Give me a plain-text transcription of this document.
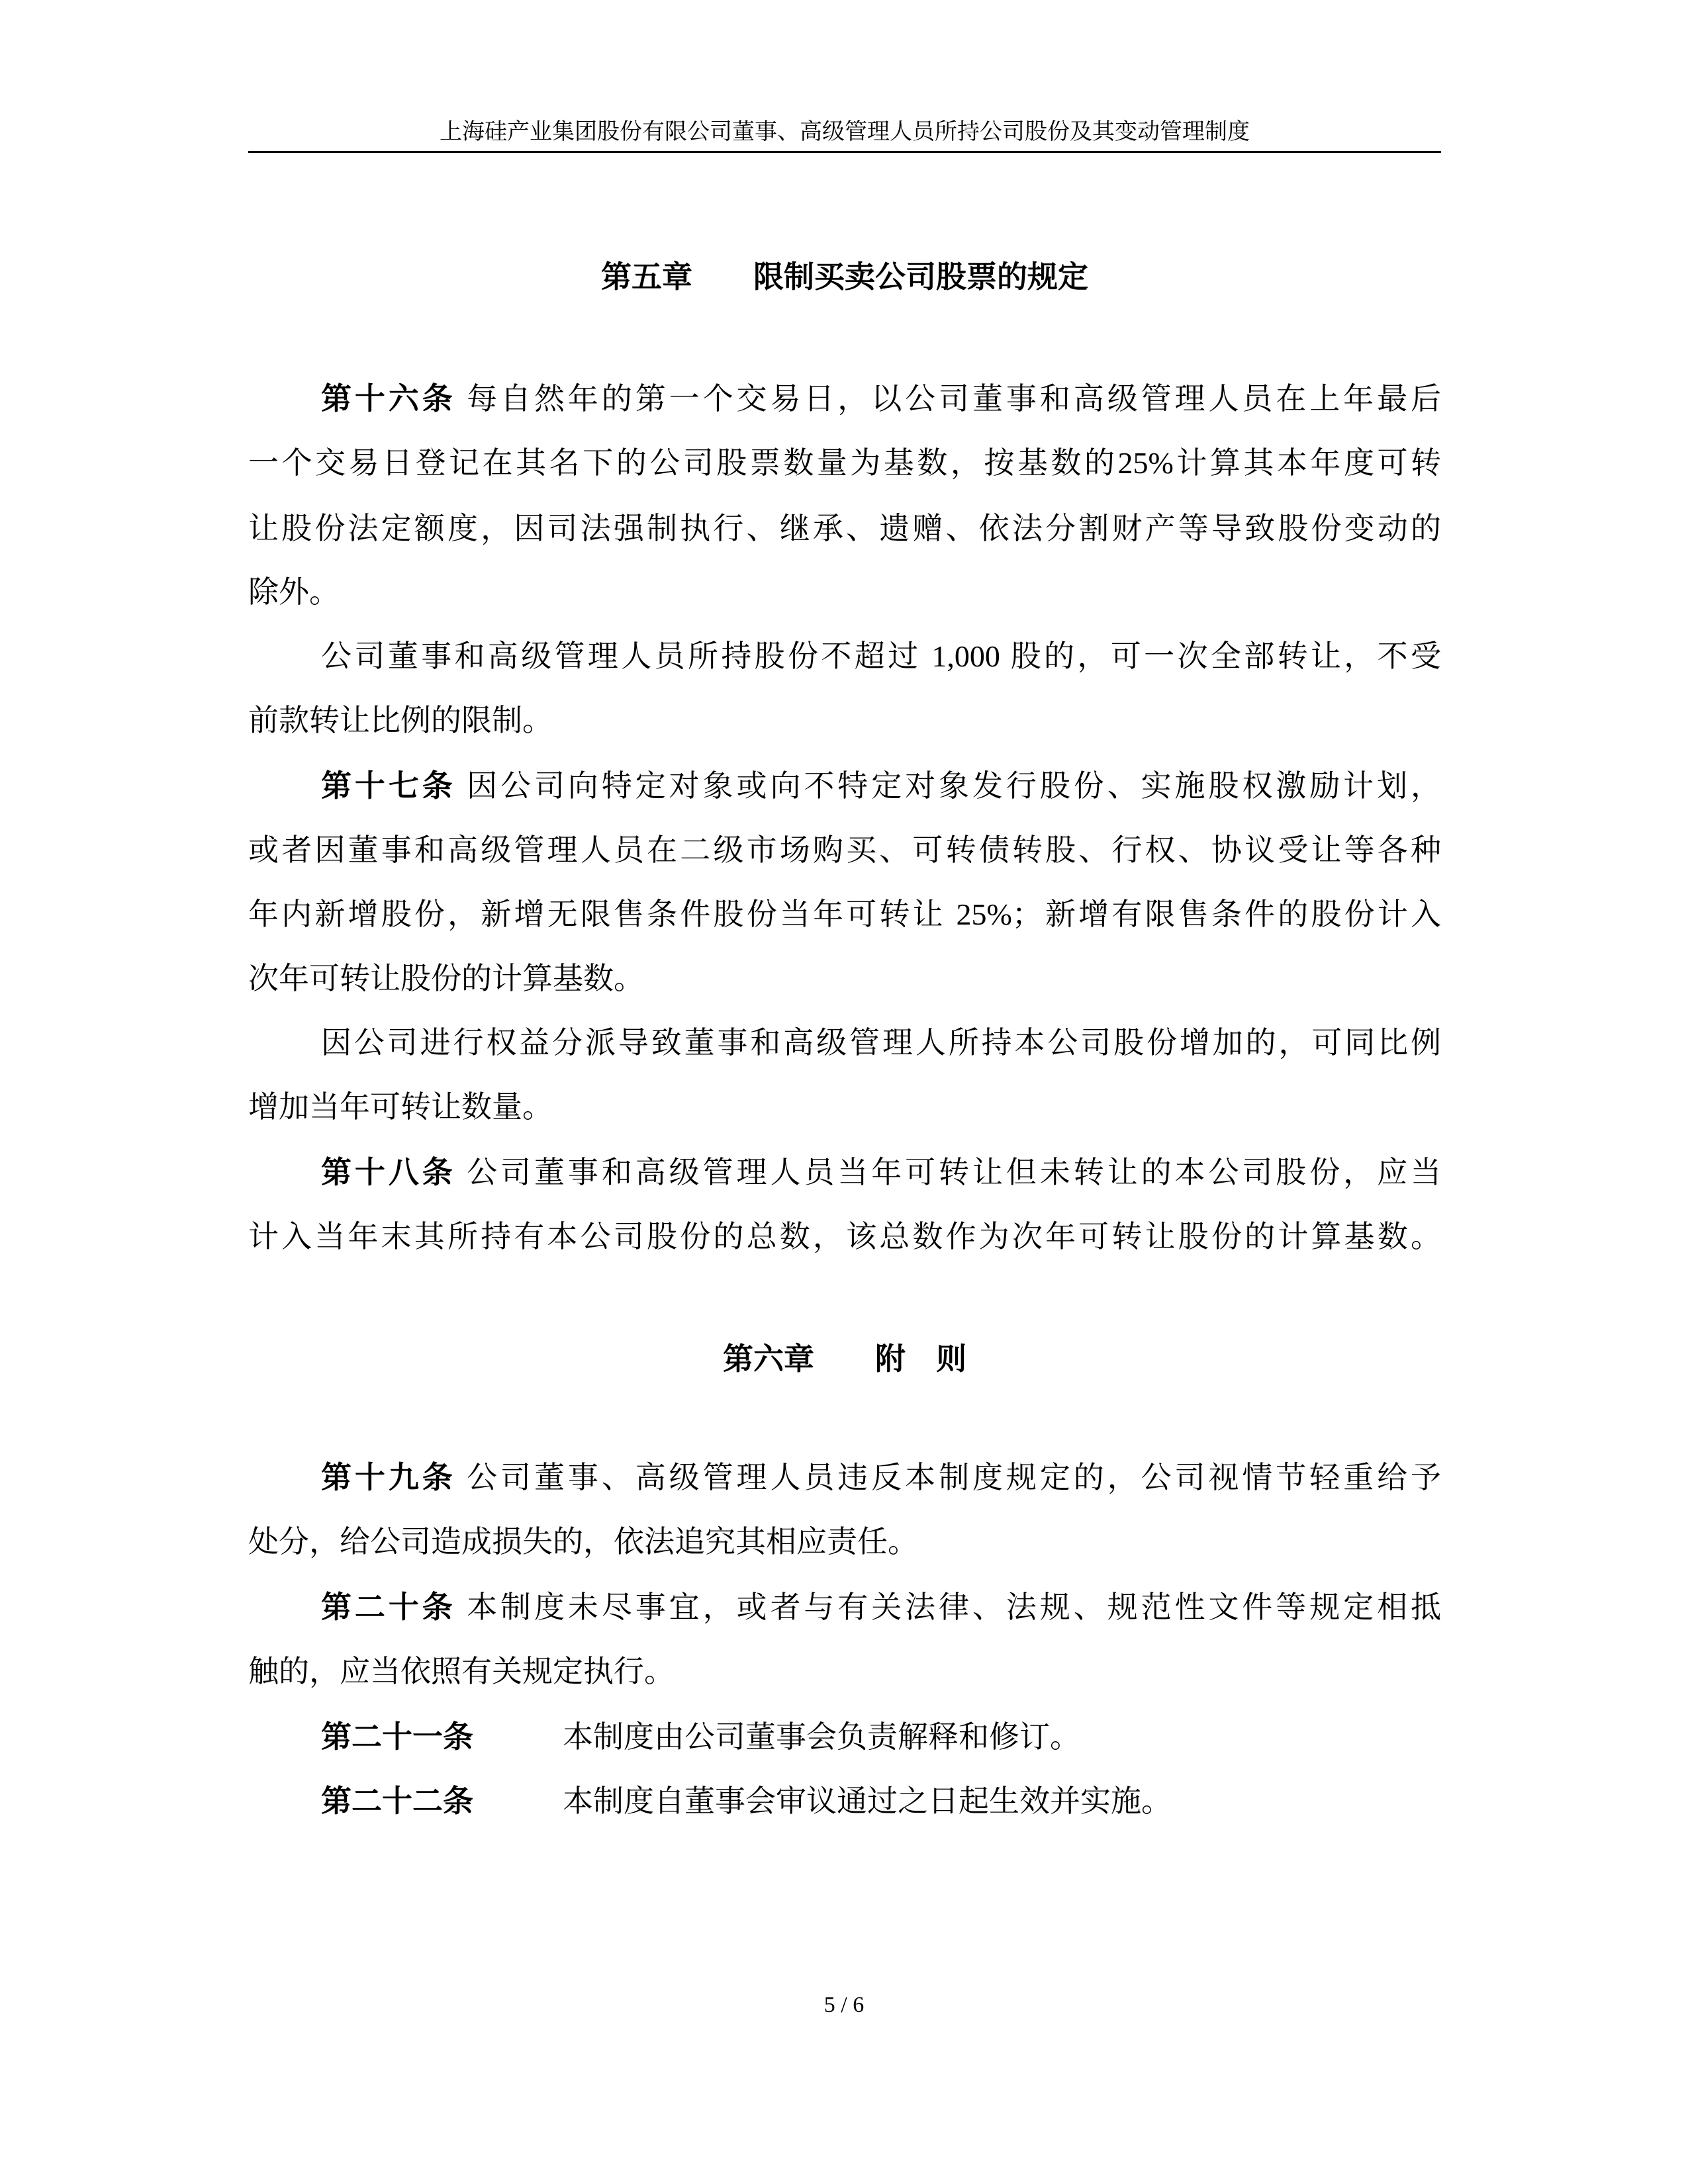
上海硅产业集团股份有限公司董事、高级管理人员所持公司股份及其变动管理制度
第五章　　限制买卖公司股票的规定
第六章　　附　则
第十六条 每自然年的第一个交易日，以公司董事和高级管理人员在上年最后
一个交易日登记在其名下的公司股票数量为基数，按基数的25%计算其本年度可转
让股份法定额度，因司法强制执行、继承、遗赠、依法分割财产等导致股份变动的
除外。
公司董事和高级管理人员所持股份不超过 1,000 股的，可一次全部转让，不受
前款转让比例的限制。
第十七条 因公司向特定对象或向不特定对象发行股份、实施股权激励计划，
或者因董事和高级管理人员在二级市场购买、可转债转股、行权、协议受让等各种
年内新增股份，新增无限售条件股份当年可转让 25%；新增有限售条件的股份计入
次年可转让股份的计算基数。
因公司进行权益分派导致董事和高级管理人所持本公司股份增加的，可同比例
增加当年可转让数量。
第十八条 公司董事和高级管理人员当年可转让但未转让的本公司股份，应当
计入当年末其所持有本公司股份的总数，该总数作为次年可转让股份的计算基数。
第十九条 公司董事、高级管理人员违反本制度规定的，公司视情节轻重给予
处分，给公司造成损失的，依法追究其相应责任。
第二十条 本制度未尽事宜，或者与有关法律、法规、规范性文件等规定相抵
触的，应当依照有关规定执行。
第二十一条	本制度由公司董事会负责解释和修订。
第二十二条	本制度自董事会审议通过之日起生效并实施。
5 / 6
